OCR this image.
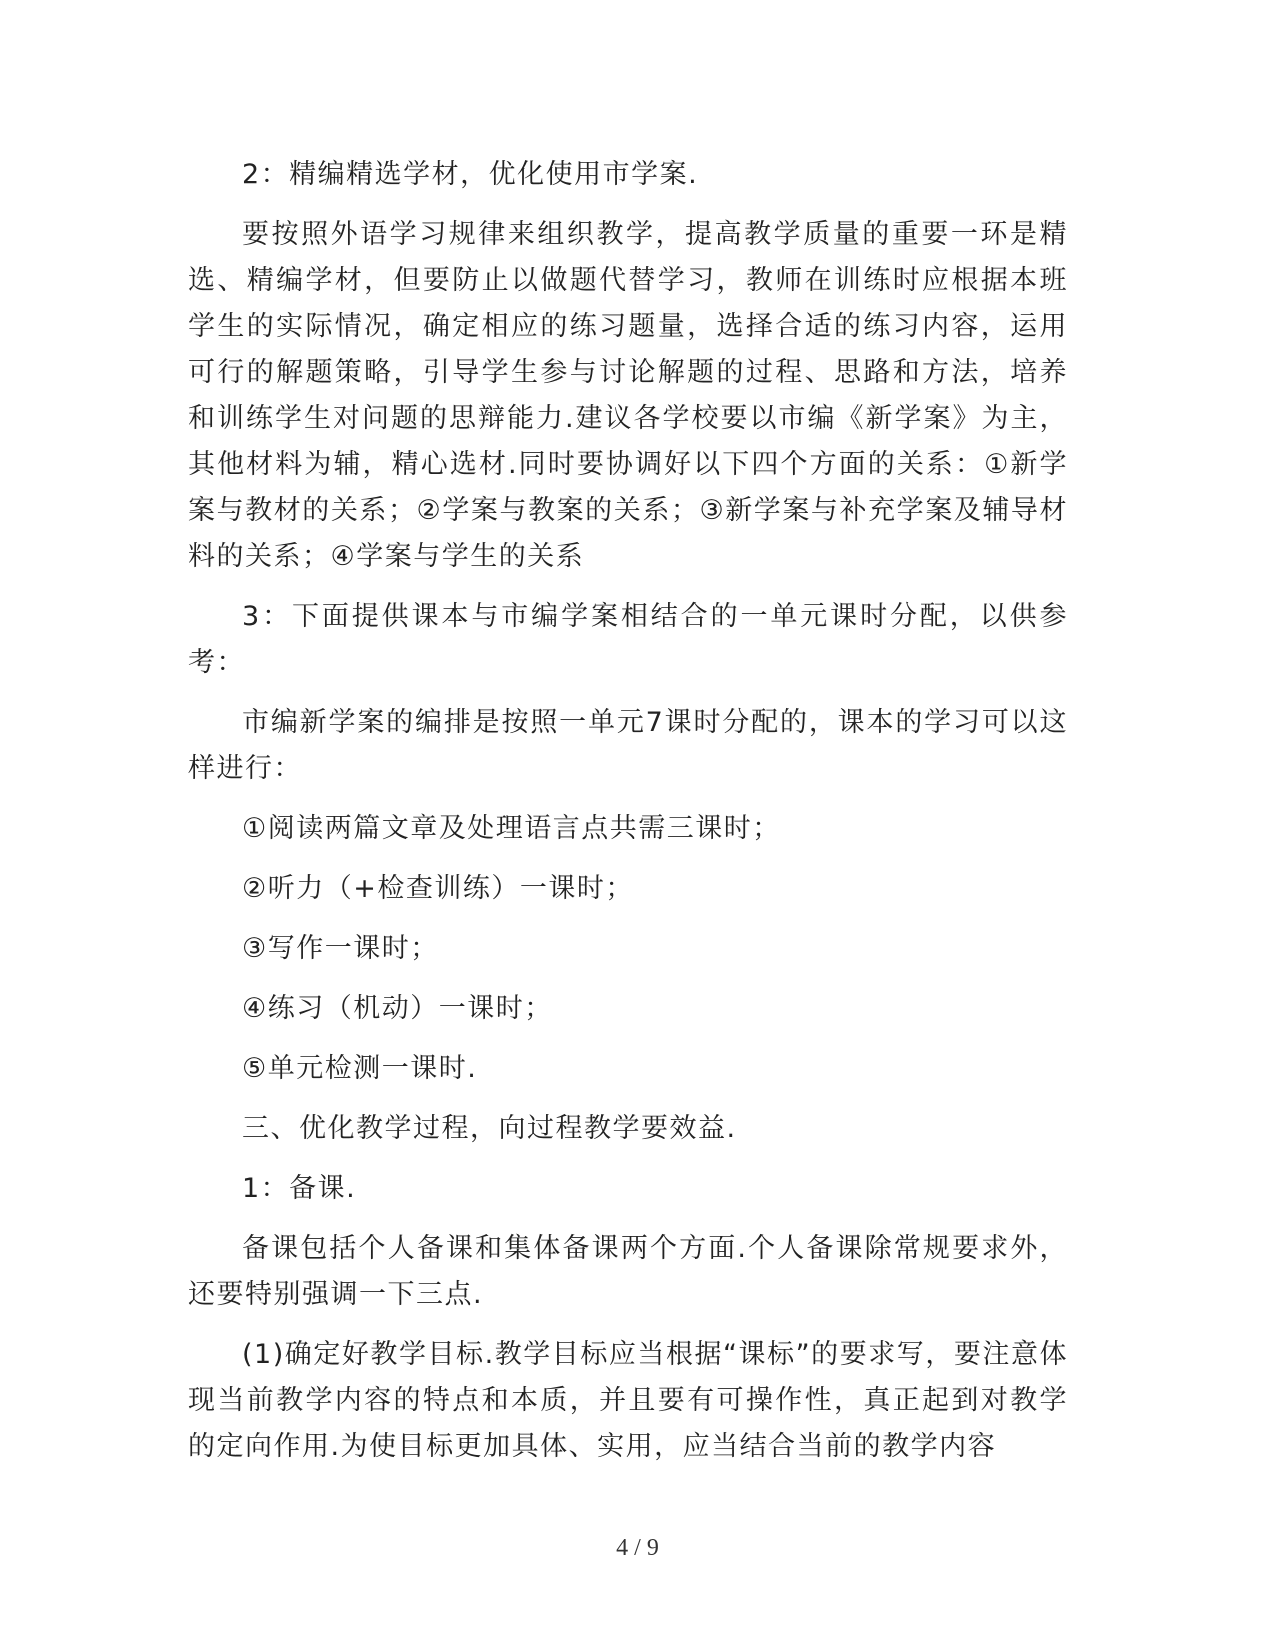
2：精编精选学材，优化使用市学案.

要按照外语学习规律来组织教学，提高教学质量的重要一环是精选、精编学材，但要防止以做题代替学习，教师在训练时应根据本班学生的实际情况，确定相应的练习题量，选择合适的练习内容，运用可行的解题策略，引导学生参与讨论解题的过程、思路和方法，培养和训练学生对问题的思辩能力.建议各学校要以市编《新学案》为主，其他材料为辅，精心选材.同时要协调好以下四个方面的关系：①新学案与教材的关系；②学案与教案的关系；③新学案与补充学案及辅导材料的关系；④学案与学生的关系

3：下面提供课本与市编学案相结合的一单元课时分配，以供参考：

市编新学案的编排是按照一单元7课时分配的，课本的学习可以这样进行：

①阅读两篇文章及处理语言点共需三课时；

②听力（+检查训练）一课时；

③写作一课时；

④练习（机动）一课时；

⑤单元检测一课时.

三、优化教学过程，向过程教学要效益.

1：备课.

备课包括个人备课和集体备课两个方面.个人备课除常规要求外，还要特别强调一下三点.

(1)确定好教学目标.教学目标应当根据“课标”的要求写，要注意体现当前教学内容的特点和本质，并且要有可操作性，真正起到对教学的定向作用.为使目标更加具体、实用，应当结合当前的教学内容

4 / 9
